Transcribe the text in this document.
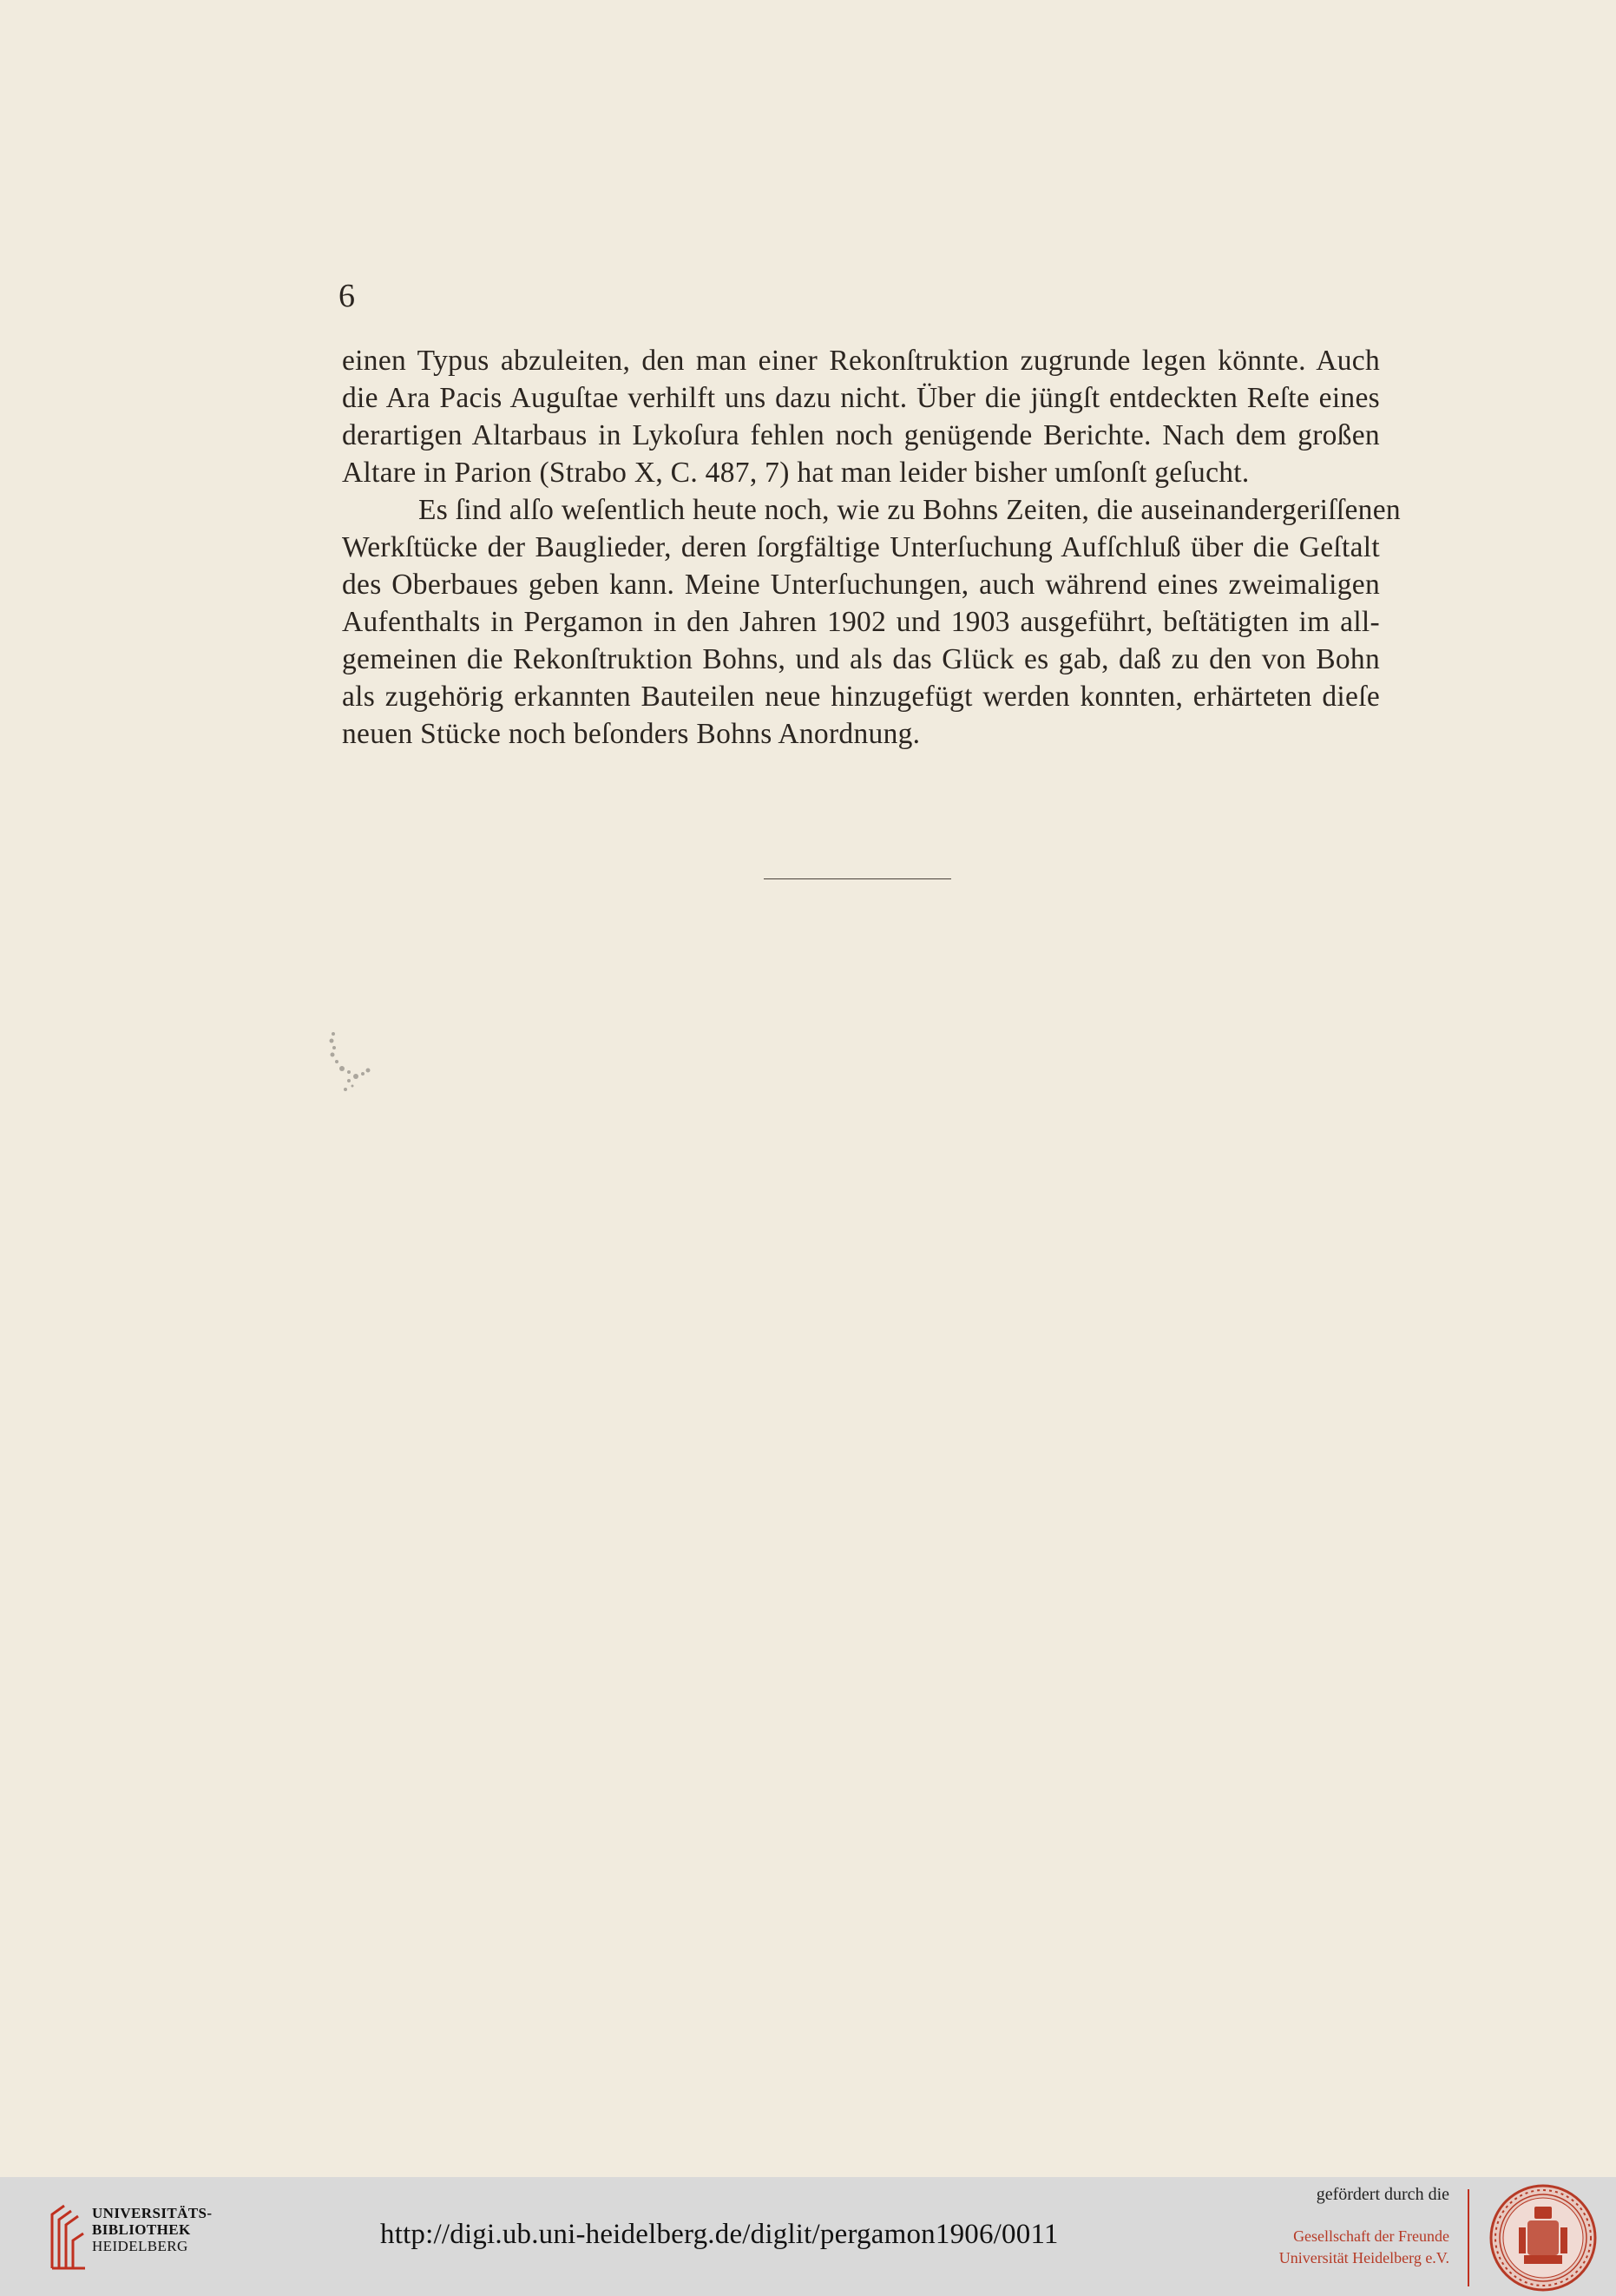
6
einen Typus abzuleiten, den man einer Rekonſtruktion zugrunde legen könnte. Auch
die Ara Pacis Auguſtae verhilft uns dazu nicht. Über die jüngſt entdeckten Reſte eines
derartigen Altarbaus in Lykoſura fehlen noch genügende Berichte. Nach dem großen
Altare in Parion (Strabo X, C. 487, 7) hat man leider bisher umſonſt geſucht.
Es ſind alſo weſentlich heute noch, wie zu Bohns Zeiten, die auseinandergeriſſenen
Werkſtücke der Bauglieder, deren ſorgfältige Unterſuchung Aufſchluß über die Geſtalt
des Oberbaues geben kann. Meine Unterſuchungen, auch während eines zweimaligen
Aufenthalts in Pergamon in den Jahren 1902 und 1903 ausgeführt, beſtätigten im all-
gemeinen die Rekonſtruktion Bohns, und als das Glück es gab, daß zu den von Bohn
als zugehörig erkannten Bauteilen neue hinzugefügt werden konnten, erhärteten dieſe
neuen Stücke noch beſonders Bohns Anordnung.
UNIVERSITÄTS-
BIBLIOTHEK
HEIDELBERG	http://digi.ub.uni-heidelberg.de/diglit/pergamon1906/0011
gefördert durch die
Gesellschaft der Freunde
Universität Heidelberg e.V.
